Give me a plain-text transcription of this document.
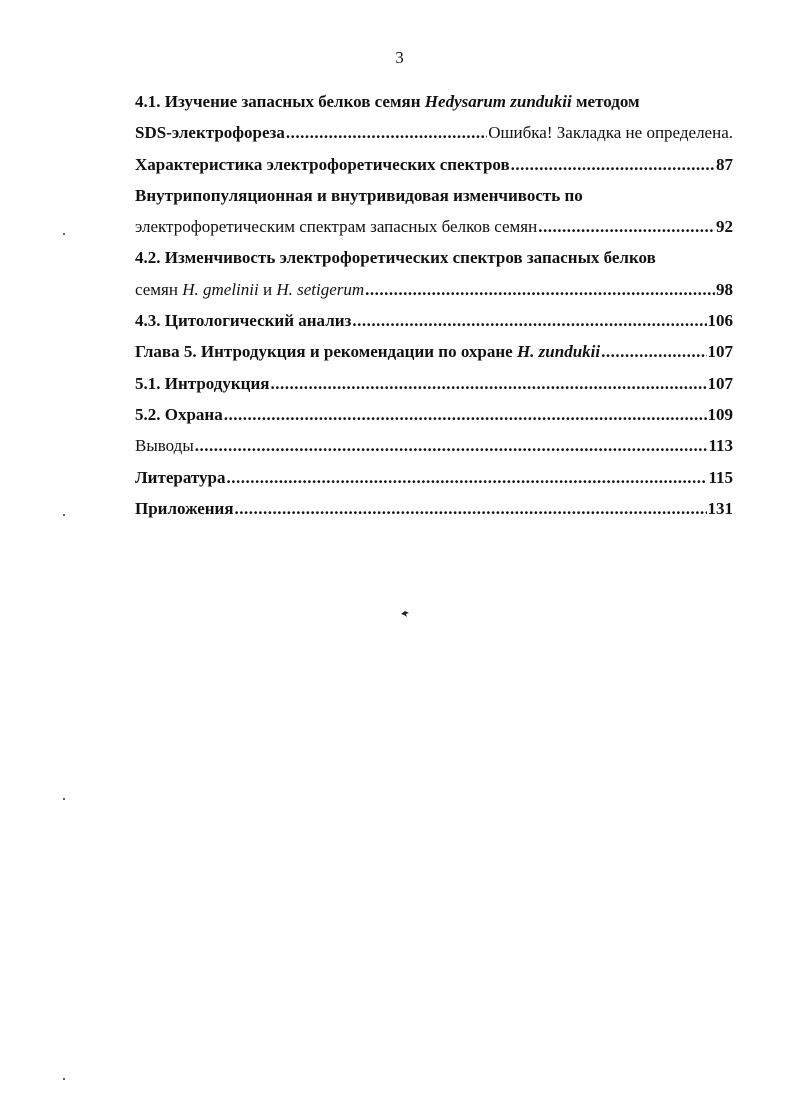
3
4.1. Изучение запасных белков семян Hedysarum zundukii методом
SDS-электрофореза .....	Ошибка! Закладка не определена.
Характеристика электрофоретических спектров .....	87
Внутрипопуляционная и внутривидовая изменчивость по
электрофоретическим спектрам запасных белков семян .....	92
4.2. Изменчивость электрофоретических спектров запасных белков
семян H. gmelinii и H. setigerum .....	98
4.3. Цитологический анализ .....	106
Глава 5. Интродукция и рекомендации по охране H. zundukii .....	107
5.1. Интродукция .....	107
5.2. Охрана .....	109
Выводы .....	113
Литература .....	115
Приложения .....	131
